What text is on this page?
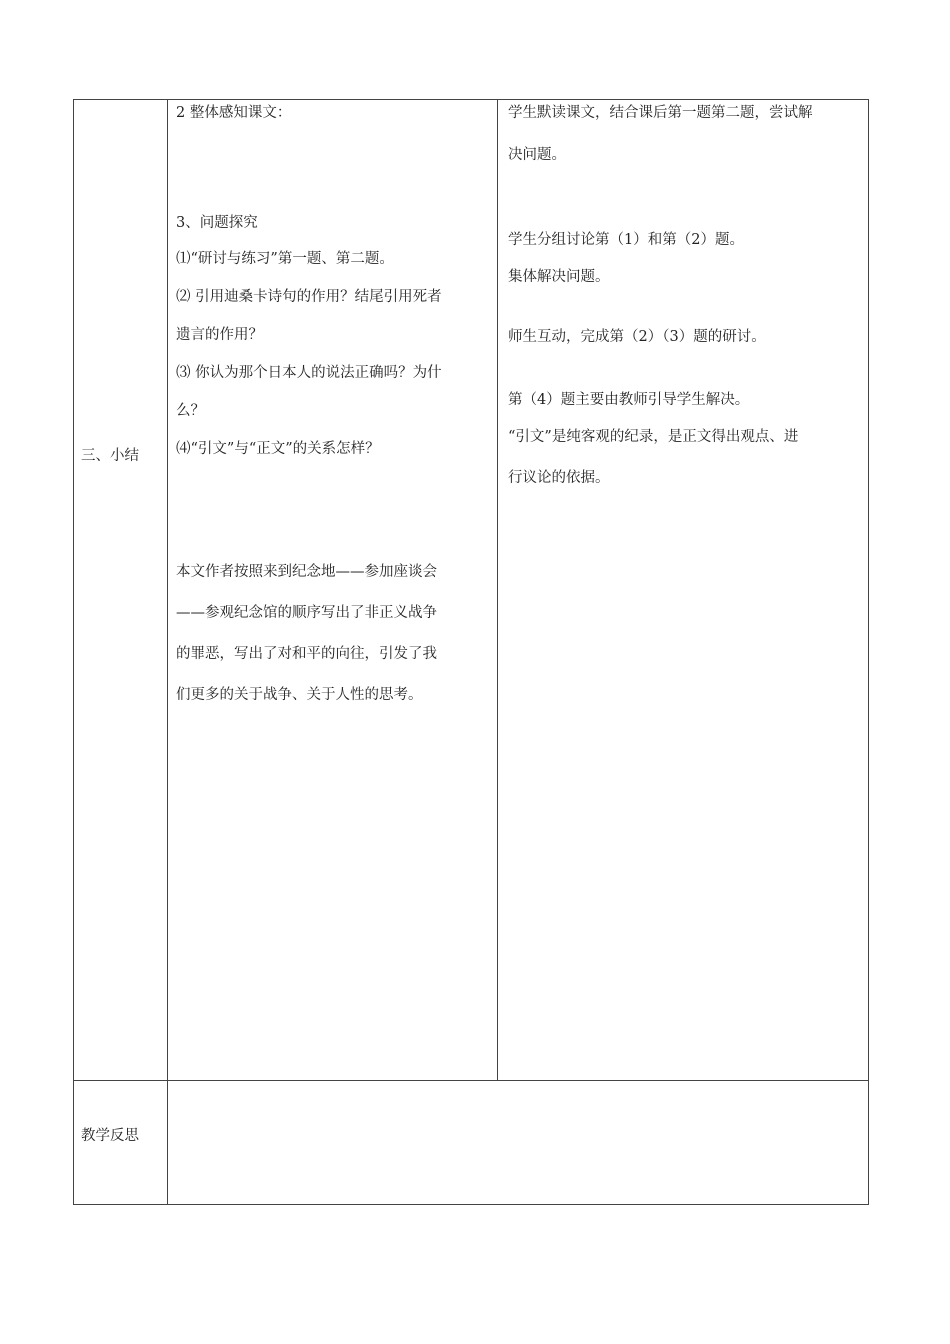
三、小结
2 整体感知课文：
3、问题探究
⑴“研讨与练习”第一题、第二题。
⑵ 引用迪桑卡诗句的作用？结尾引用死者
遗言的作用？
⑶ 你认为那个日本人的说法正确吗？为什
么？
⑷“引文”与“正文”的关系怎样？
本文作者按照来到纪念地——参加座谈会
——参观纪念馆的顺序写出了非正义战争
的罪恶，写出了对和平的向往，引发了我
们更多的关于战争、关于人性的思考。
学生默读课文，结合课后第一题第二题，尝试解
决问题。
学生分组讨论第（1）和第（2）题。
集体解决问题。
师生互动，完成第（2）（3）题的研讨。
第（4）题主要由教师引导学生解决。
“引文”是纯客观的纪录，是正文得出观点、进
行议论的依据。
教学反思
